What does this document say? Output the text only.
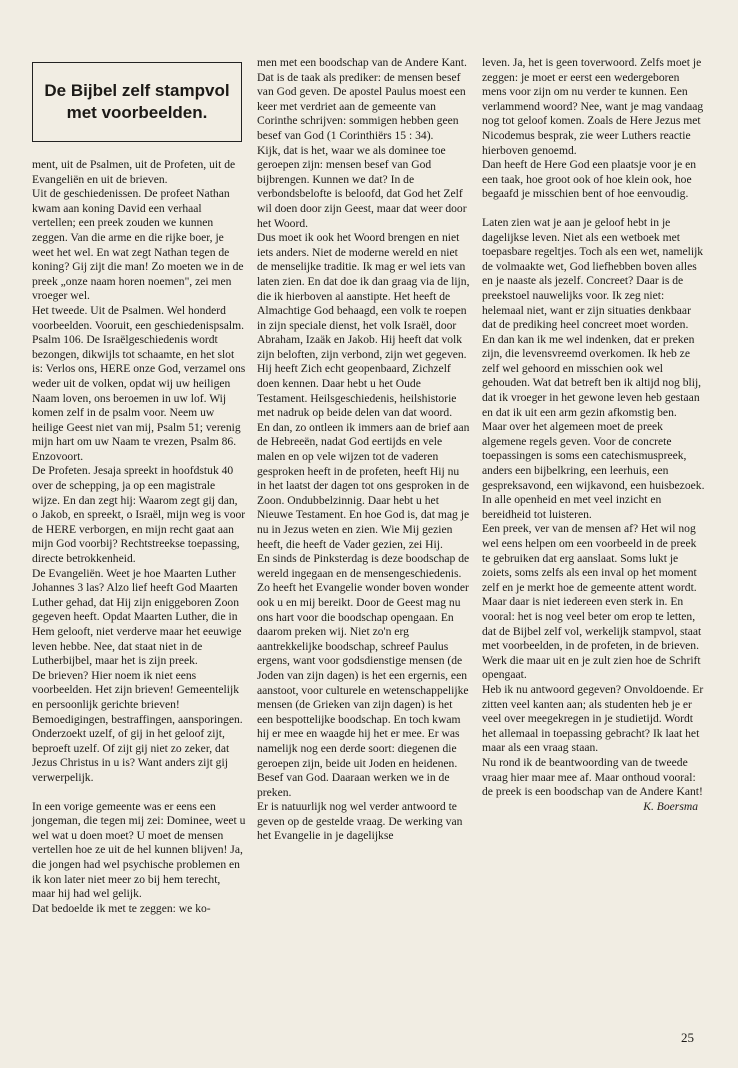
De Bijbel zelf stampvol met voorbeelden.

ment, uit de Psalmen, uit de Profeten, uit de Evangeliën en uit de brieven.

Uit de geschiedenissen. De profeet Nathan kwam aan koning David een verhaal vertellen; een preek zouden we kunnen zeggen. Van die arme en die rijke boer, je weet het wel. En wat zegt Nathan tegen de koning? Gij zijt die man! Zo moeten we in de preek „onze naam horen noemen", zei men vroeger wel.

Het tweede. Uit de Psalmen. Wel honderd voorbeelden. Vooruit, een geschiedenispsalm. Psalm 106. De Israëlgeschiedenis wordt bezongen, dikwijls tot schaamte, en het slot is: Verlos ons, HERE onze God, verzamel ons weder uit de volken, opdat wij uw heiligen Naam loven, ons beroemen in uw lof. Wij komen zelf in de psalm voor. Neem uw heilige Geest niet van mij, Psalm 51; verenig mijn hart om uw Naam te vrezen, Psalm 86. Enzovoort.

De Profeten. Jesaja spreekt in hoofdstuk 40 over de schepping, ja op een magistrale wijze. En dan zegt hij: Waarom zegt gij dan, o Jakob, en spreekt, o Israël, mijn weg is voor de HERE verborgen, en mijn recht gaat aan mijn God voorbij? Rechtstreekse toepassing, directe betrokkenheid.

De Evangeliën. Weet je hoe Maarten Luther Johannes 3 las? Alzo lief heeft God Maarten Luther gehad, dat Hij zijn eniggeboren Zoon gegeven heeft. Opdat Maarten Luther, die in Hem gelooft, niet verderve maar het eeuwige leven hebbe. Nee, dat staat niet in de Lutherbijbel, maar het is zijn preek.

De brieven? Hier noem ik niet eens voorbeelden. Het zijn brieven! Gemeentelijk en persoonlijk gerichte brieven! Bemoedigingen, bestraffingen, aansporingen. Onderzoekt uzelf, of gij in het geloof zijt, beproeft uzelf. Of zijt gij niet zo zeker, dat Jezus Christus in u is? Want anders zijt gij verwerpelijk.

In een vorige gemeente was er eens een jongeman, die tegen mij zei: Dominee, weet u wel wat u doen moet? U moet de mensen vertellen hoe ze uit de hel kunnen blijven! Ja, die jongen had wel psychische problemen en ik kon later niet meer zo bij hem terecht, maar hij had wel gelijk.

Dat bedoelde ik met te zeggen: we ko-

men met een boodschap van de Andere Kant.

Dat is de taak als prediker: de mensen besef van God geven. De apostel Paulus moest een keer met verdriet aan de gemeente van Corinthe schrijven: sommigen hebben geen besef van God (1 Corinthiërs 15 : 34).

Kijk, dat is het, waar we als dominee toe geroepen zijn: mensen besef van God bijbrengen. Kunnen we dat? In de verbondsbelofte is beloofd, dat God het Zelf wil doen door zijn Geest, maar dat weer door het Woord.

Dus moet ik ook het Woord brengen en niet iets anders. Niet de moderne wereld en niet de menselijke traditie. Ik mag er wel iets van laten zien. En dat doe ik dan graag via de lijn, die ik hierboven al aanstipte. Het heeft de Almachtige God behaagd, een volk te roepen in zijn speciale dienst, het volk Israël, door Abraham, Izaäk en Jakob. Hij heeft dat volk zijn beloften, zijn verbond, zijn wet gegeven. Hij heeft Zich echt geopenbaard, Zichzelf doen kennen. Daar hebt u het Oude Testament. Heilsgeschiedenis, heilshistorie met nadruk op beide delen van dat woord.

En dan, zo ontleen ik immers aan de brief aan de Hebreeën, nadat God eertijds en vele malen en op vele wijzen tot de vaderen gesproken heeft in de profeten, heeft Hij nu in het laatst der dagen tot ons gesproken in de Zoon. Ondubbelzinnig. Daar hebt u het Nieuwe Testament. En hoe God is, dat mag je nu in Jezus weten en zien. Wie Mij gezien heeft, die heeft de Vader gezien, zei Hij.

En sinds de Pinksterdag is deze boodschap de wereld ingegaan en de mensengeschiedenis. Zo heeft het Evangelie wonder boven wonder ook u en mij bereikt. Door de Geest mag nu ons hart voor die boodschap opengaan. En daarom preken wij. Niet zo'n erg aantrekkelijke boodschap, schreef Paulus ergens, want voor godsdienstige mensen (de Joden van zijn dagen) is het een ergernis, een aanstoot, voor culturele en wetenschappelijke mensen (de Grieken van zijn dagen) is het een bespottelijke boodschap. En toch kwam hij er mee en waagde hij het er mee. Er was namelijk nog een derde soort: diegenen die geroepen zijn, beide uit Joden en heidenen.

Besef van God. Daaraan werken we in de preken.

Er is natuurlijk nog wel verder antwoord te geven op de gestelde vraag. De werking van het Evangelie in je dagelijkse

leven. Ja, het is geen toverwoord. Zelfs moet je zeggen: je moet er eerst een wedergeboren mens voor zijn om nu verder te kunnen. Een verlammend woord? Nee, want je mag vandaag nog tot geloof komen. Zoals de Here Jezus met Nicodemus besprak, zie weer Luthers reactie hierboven genoemd.

Dan heeft de Here God een plaatsje voor je en een taak, hoe groot ook of hoe klein ook, hoe begaafd je misschien bent of hoe eenvoudig.

Laten zien wat je aan je geloof hebt in je dagelijkse leven. Niet als een wetboek met toepasbare regeltjes. Toch als een wet, namelijk de volmaakte wet, God liefhebben boven alles en je naaste als jezelf. Concreet? Daar is de preekstoel nauwelijks voor. Ik zeg niet: helemaal niet, want er zijn situaties denkbaar dat de prediking heel concreet moet worden.

En dan kan ik me wel indenken, dat er preken zijn, die levensvreemd overkomen. Ik heb ze zelf wel gehoord en misschien ook wel gehouden. Wat dat betreft ben ik altijd nog blij, dat ik vroeger in het gewone leven heb gestaan en dat ik uit een arm gezin afkomstig ben.

Maar over het algemeen moet de preek algemene regels geven. Voor de concrete toepassingen is soms een catechismuspreek, anders een bijbelkring, een leerhuis, een gespreksavond, een wijkavond, een huisbezoek. In alle openheid en met veel inzicht en bereidheid tot luisteren.

Een preek, ver van de mensen af? Het wil nog wel eens helpen om een voorbeeld in de preek te gebruiken dat erg aanslaat. Soms lukt je zoiets, soms zelfs als een inval op het moment zelf en je merkt hoe de gemeente attent wordt. Maar daar is niet iedereen even sterk in. En vooral: het is nog veel beter om erop te letten, dat de Bijbel zelf vol, werkelijk stampvol, staat met voorbeelden, in de profeten, in de brieven. Werk die maar uit en je zult zien hoe de Schrift opengaat.

Heb ik nu antwoord gegeven? Onvoldoende. Er zitten veel kanten aan; als studenten heb je er veel over meegekregen in je studietijd. Wordt het allemaal in toepassing gebracht? Ik laat het maar als een vraag staan.

Nu rond ik de beantwoording van de tweede vraag hier maar mee af. Maar onthoud vooral: de preek is een boodschap van de Andere Kant!

K. Boersma

25
